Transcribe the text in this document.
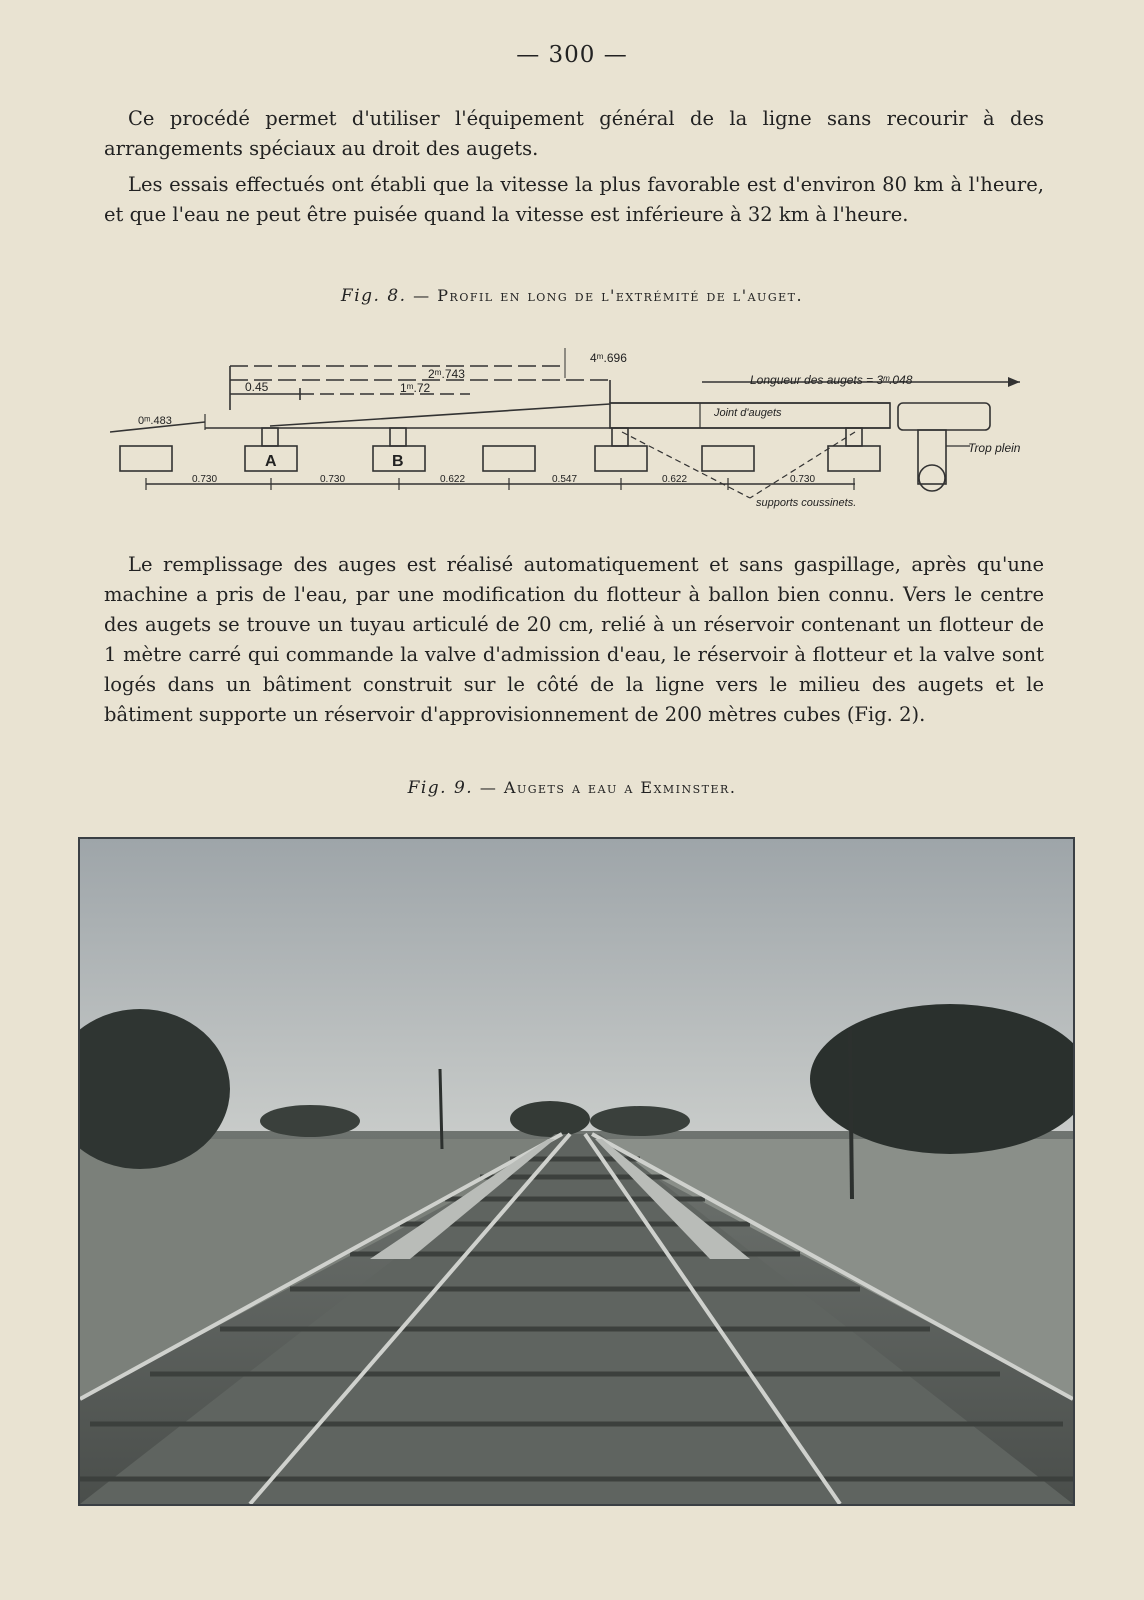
— 300 —

Ce procédé permet d'utiliser l'équipement général de la ligne sans recourir à des arrangements spéciaux au droit des augets.

Les essais effectués ont établi que la vitesse la plus favorable est d'environ 80 km à l'heure, et que l'eau ne peut être puisée quand la vitesse est inférieure à 32 km à l'heure.

Fig. 8. — Profil en long de l'extrémité de l'auget.
4ᵐ.696
2ᵐ.743
1ᵐ.72
0.45
0ᵐ.483
Longueur des augets = 3ᵐ.048
Joint d'augets
Trop plein
A	B
0.730	0.730	0.622	0.547	0.622	0.730
supports coussinets.

Le remplissage des auges est réalisé automatiquement et sans gaspillage, après qu'une machine a pris de l'eau, par une modification du flotteur à ballon bien connu. Vers le centre des augets se trouve un tuyau articulé de 20 cm, relié à un réservoir contenant un flotteur de 1 mètre carré qui commande la valve d'admission d'eau, le réservoir à flotteur et la valve sont logés dans un bâtiment construit sur le côté de la ligne vers le milieu des augets et le bâtiment supporte un réservoir d'approvisionnement de 200 mètres cubes (Fig. 2).

Fig. 9. — Augets a eau a Exminster.
